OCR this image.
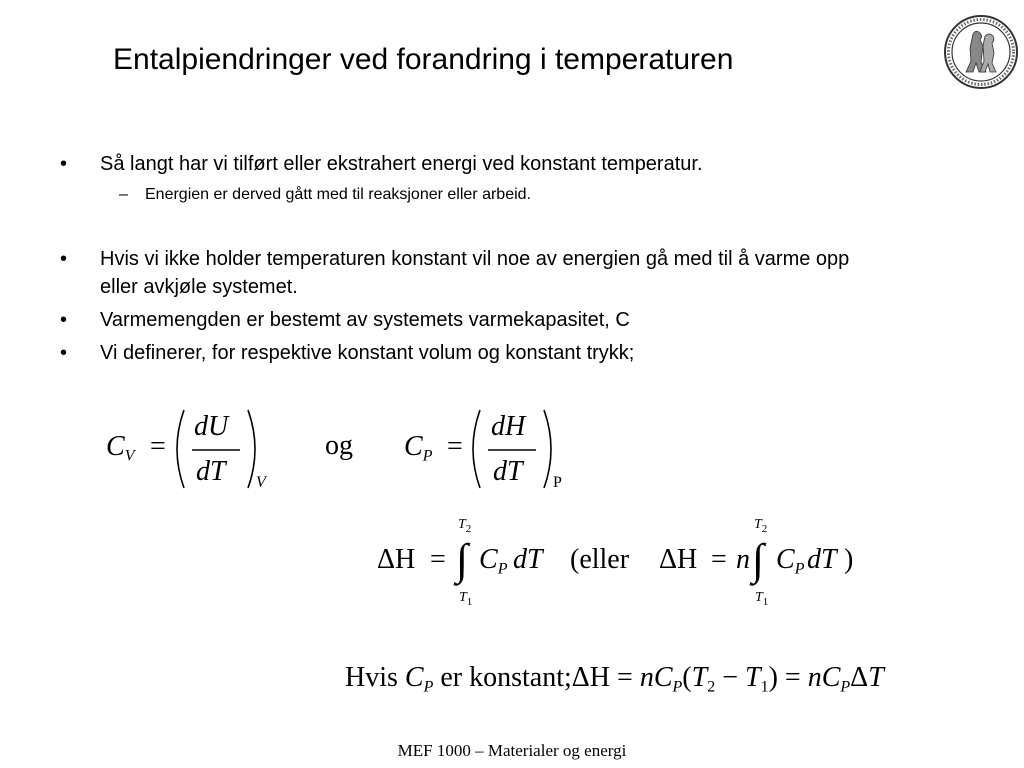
Entalpiendringer ved forandring i temperaturen
• Så langt har vi tilført eller ekstrahert energi ved konstant temperatur.
– Energien er derved gått med til reaksjoner eller arbeid.
• Hvis vi ikke holder temperaturen konstant vil noe av energien gå med til å varme opp
eller avkjøle systemet.
• Varmemengden er bestemt av systemets varmekapasitet, C
• Vi definerer, for respektive konstant volum og konstant trykk;
CV =
dU
dT V
og CP =
dH
dT P
ΔH =
$T_2$
∫
$T_1$
CP dT (eller ΔH = n
$T_2$
∫
$T_1$
CP dT )
Hvis CP er konstant;ΔH = nCP(T2 − T1) = nCPΔT
MEF 1000 – Materialer og energi
